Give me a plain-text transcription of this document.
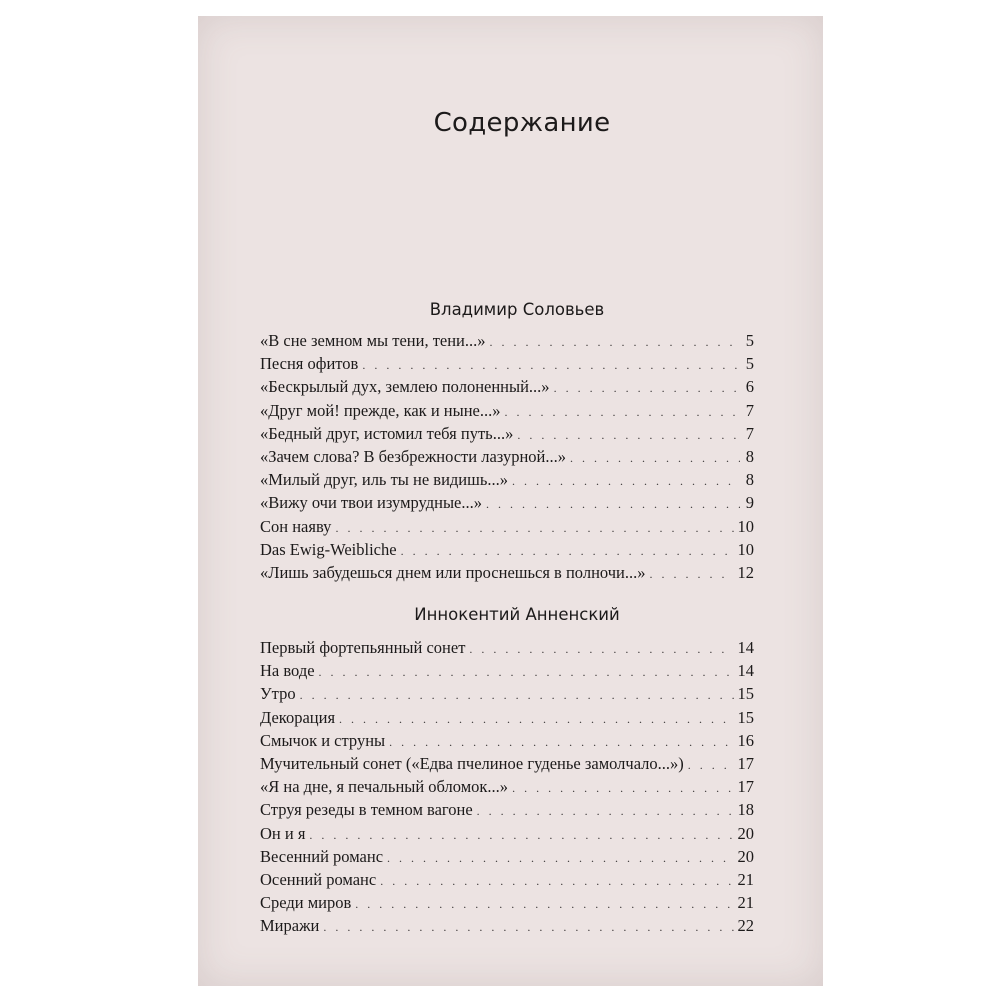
Содержание
Владимир Соловьев
«В сне земном мы тени, тени...» . . .	5
Песня офитов . . .	5
«Бескрылый дух, землею полоненный...» . . .	6
«Друг мой! прежде, как и ныне...» . . .	7
«Бедный друг, истомил тебя путь...» . . .	7
«Зачем слова? В безбрежности лазурной...» . . .	8
«Милый друг, иль ты не видишь...» . . .	8
«Вижу очи твои изумрудные...» . . .	9
Сон наяву . . .	10
Das Ewig-Weibliche . . .	10
«Лишь забудешься днем или проснешься в полночи...» . . .	12
Иннокентий Анненский
Первый фортепьянный сонет . . .	14
На воде . . .	14
Утро . . .	15
Декорация . . .	15
Смычок и струны . . .	16
Мучительный сонет («Едва пчелиное гуденье замолчало...») . . .	17
«Я на дне, я печальный обломок...» . . .	17
Струя резеды в темном вагоне . . .	18
Он и я . . .	20
Весенний романс . . .	20
Осенний романс . . .	21
Среди миров . . .	21
Миражи . . .	22
